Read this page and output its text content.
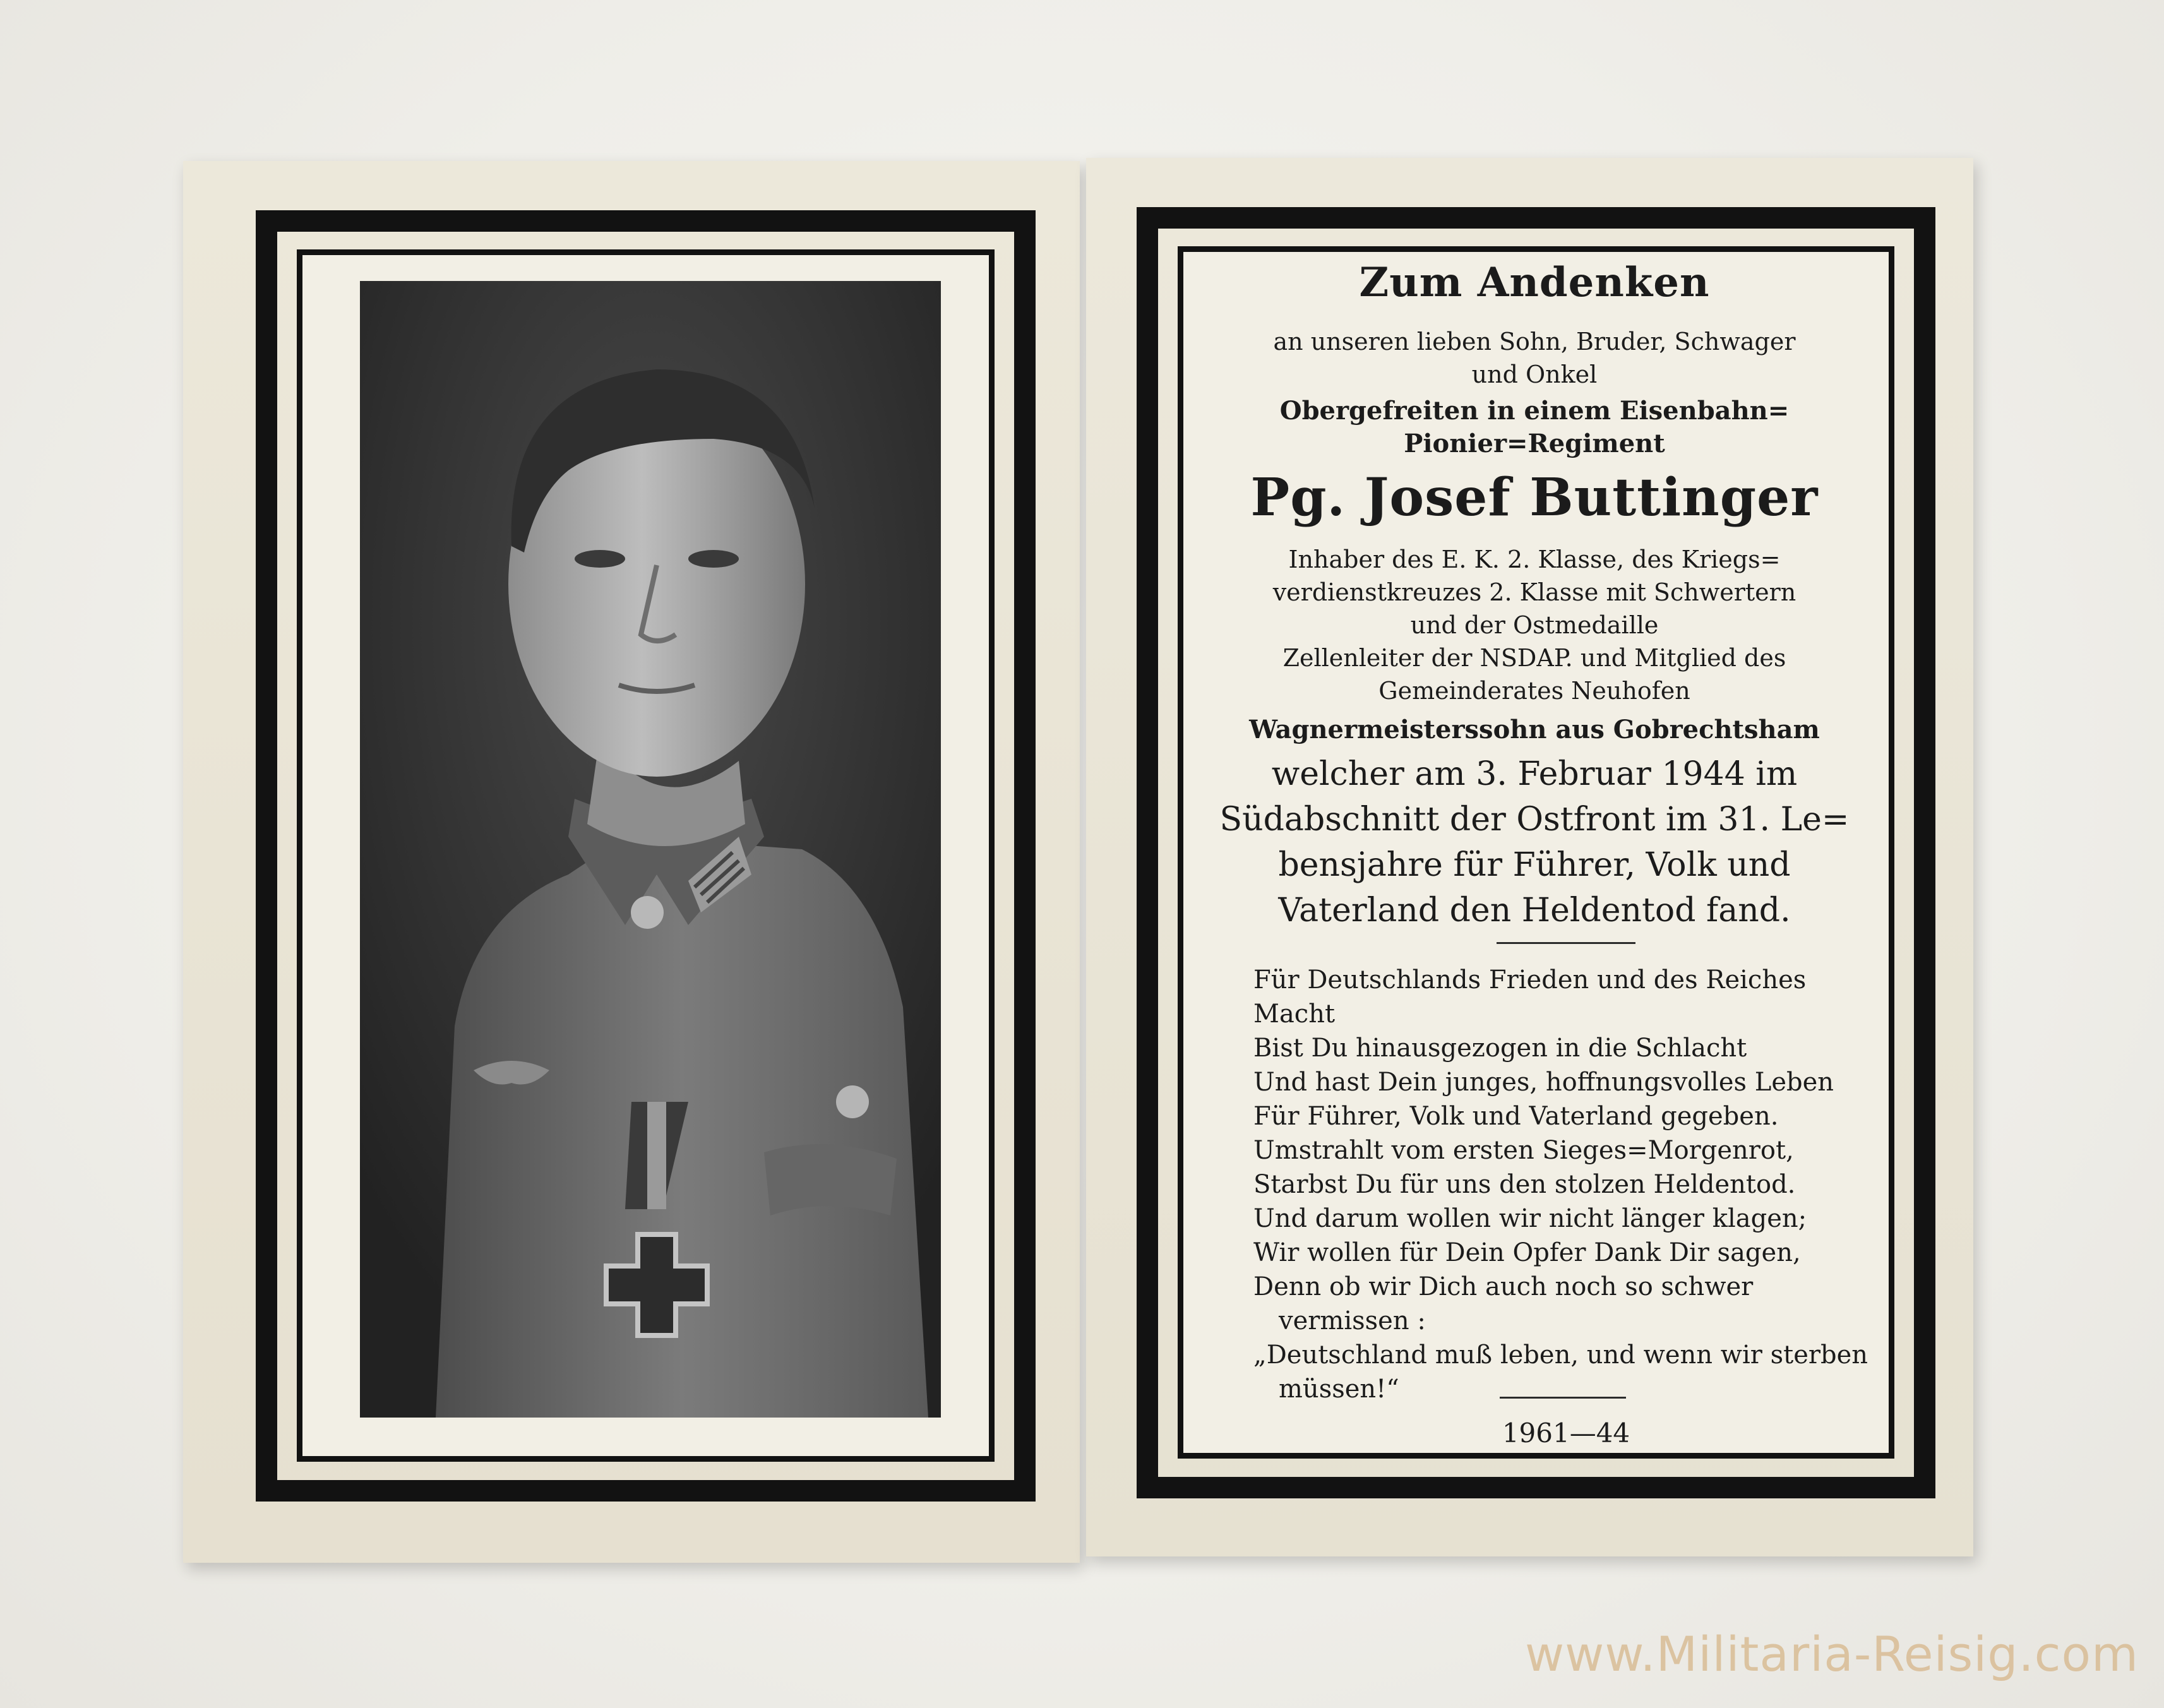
Zum Andenken
an unseren lieben Sohn, Bruder, Schwager
und Onkel
Obergefreiten in einem Eisenbahn=
Pionier=Regiment
Pg. Josef Buttinger
Inhaber des E. K. 2. Klasse, des Kriegs=
verdienstkreuzes 2. Klasse mit Schwertern
und der Ostmedaille
Zellenleiter der NSDAP. und Mitglied des
Gemeinderates Neuhofen
Wagnermeisterssohn aus Gobrechtsham
welcher am 3. Februar 1944 im
Südabschnitt der Ostfront im 31. Le=
bensjahre für Führer, Volk und
Vaterland den Heldentod fand.
Für Deutschlands Frieden und des Reiches
Macht
Bist Du hinausgezogen in die Schlacht
Und hast Dein junges, hoffnungsvolles Leben
Für Führer, Volk und Vaterland gegeben.
Umstrahlt vom ersten Sieges=Morgenrot,
Starbst Du für uns den stolzen Heldentod.
Und darum wollen wir nicht länger klagen;
Wir wollen für Dein Opfer Dank Dir sagen,
Denn ob wir Dich auch noch so schwer
vermissen :
„Deutschland muß leben, und wenn wir sterben
müssen!“
1961—44
www.Militaria-Reisig.com
